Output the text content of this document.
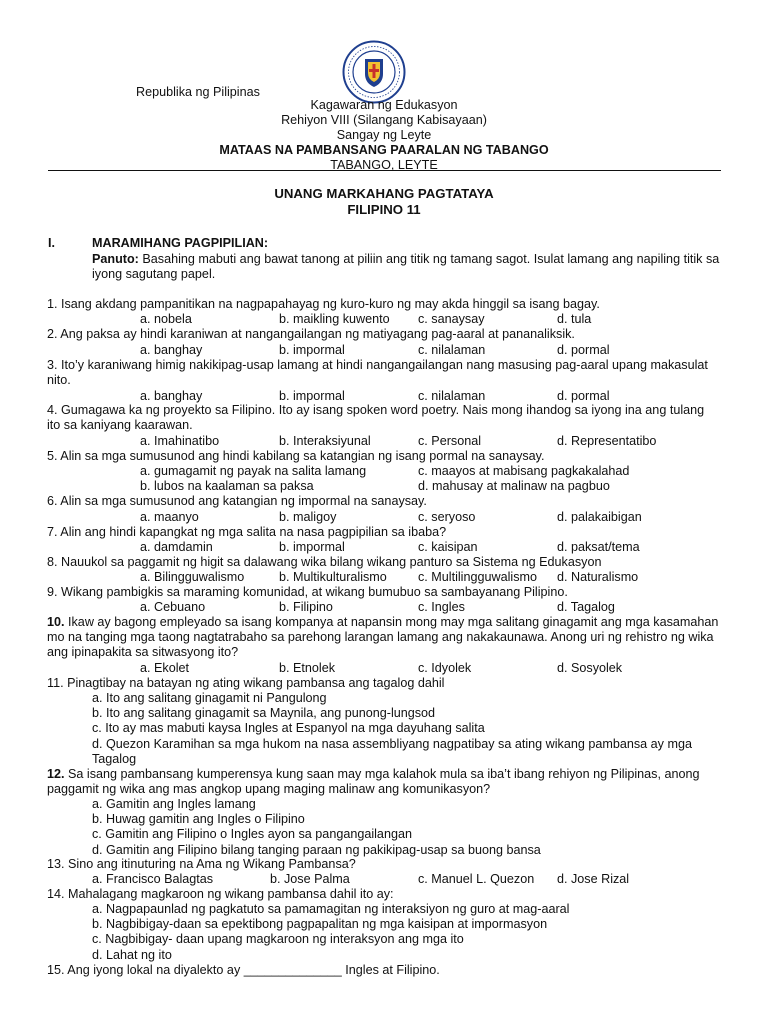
Republika ng Pilipinas
Kagawaran ng Edukasyon
Rehiyon VIII (Silangang Kabisayaan)
Sangay ng Leyte
MATAAS NA PAMBANSANG PAARALAN NG TABANGO
TABANGO, LEYTE
UNANG MARKAHANG PAGTATAYA
FILIPINO 11
I.	MARAMIHANG PAGPIPILIAN:
Panuto: Basahing mabuti ang bawat tanong at piliin ang titik ng tamang sagot. Isulat lamang ang napiling titik sa iyong sagutang papel.
1. Isang akdang pampanitikan na nagpapahayag ng kuro-kuro ng may akda hinggil sa isang bagay.
a. nobela	b. maikling kuwento c. sanaysay	d. tula
2. Ang paksa ay hindi karaniwan at nangangailangan ng matiyagang pag-aaral at pananaliksik.
a. banghay	b. impormal	c. nilalaman	d. pormal
3. Ito’y karaniwang himig nakikipag-usap lamang at hindi nangangailangan nang masusing pag-aaral upang makasulat nito.
a. banghay	b. impormal	c. nilalaman	d. pormal
4. Gumagawa ka ng proyekto sa Filipino. Ito ay isang spoken word poetry. Nais mong ihandog sa iyong ina ang tulang ito sa kaniyang kaarawan.
a. Imahinatibo	b. Interaksiyunal	c. Personal	d. Representatibo
5. Alin sa mga sumusunod ang hindi kabilang sa katangian ng isang pormal na sanaysay.
a. gumagamit ng payak na salita lamang	c. maayos at mabisang pagkakalahad
b. lubos na kaalaman sa paksa	d. mahusay at malinaw na pagbuo
6. Alin sa mga sumusunod ang katangian ng impormal na sanaysay.
a. maanyo	b. maligoy	c. seryoso	d. palakaibigan
7. Alin ang hindi kapangkat ng mga salita na nasa pagpipilian sa ibaba?
a. damdamin	b. impormal	c. kaisipan	d. paksat/tema
8. Nauukol sa paggamit ng higit sa dalawang wika bilang wikang panturo sa Sistema ng Edukasyon
a. Bilingguwalismo	b. Multikulturalismo c. Multilingguwalismo d. Naturalismo
9. Wikang pambigkis sa maraming komunidad, at wikang bumubuo sa sambayanang Pilipino.
a. Cebuano	b. Filipino	c. Ingles	d. Tagalog
10. Ikaw ay bagong empleyado sa isang kompanya at napansin mong may mga salitang ginagamit ang mga kasamahan mo na tanging mga taong nagtatrabaho sa parehong larangan lamang ang nakakaunawa. Anong uri ng rehistro ng wika ang ipinapakita sa sitwasyong ito?
a. Ekolet	b. Etnolek	c. Idyolek	d. Sosyolek
11. Pinagtibay na batayan ng ating wikang pambansa ang tagalog dahil
a. Ito ang salitang ginagamit ni Pangulong
b. Ito ang salitang ginagamit sa Maynila, ang punong-lungsod
c. Ito ay mas mabuti kaysa Ingles at Espanyol na mga dayuhang salita
d. Quezon Karamihan sa mga hukom na nasa assembliyang nagpatibay sa ating wikang pambansa ay mga Tagalog
12. Sa isang pambansang kumperensya kung saan may mga kalahok mula sa iba’t ibang rehiyon ng Pilipinas, anong paggamit ng wika ang mas angkop upang maging malinaw ang komunikasyon?
a. Gamitin ang Ingles lamang
b. Huwag gamitin ang Ingles o Filipino
c. Gamitin ang Filipino o Ingles ayon sa pangangailangan
d. Gamitin ang Filipino bilang tanging paraan ng pakikipag-usap sa buong bansa
13. Sino ang itinuturing na Ama ng Wikang Pambansa?
a. Francisco Balagtas	b. Jose Palma	c. Manuel L. Quezon d. Jose Rizal
14. Mahalagang magkaroon ng wikang pambansa dahil ito ay:
a. Nagpapaunlad ng pagkatuto sa pamamagitan ng interaksiyon ng guro at mag-aaral
b. Nagbibigay-daan sa epektibong pagpapalitan ng mga kaisipan at impormasyon
c. Nagbibigay- daan upang magkaroon ng interaksyon ang mga ito
d. Lahat ng ito
15. Ang iyong lokal na diyalekto ay ______________ Ingles at Filipino.
